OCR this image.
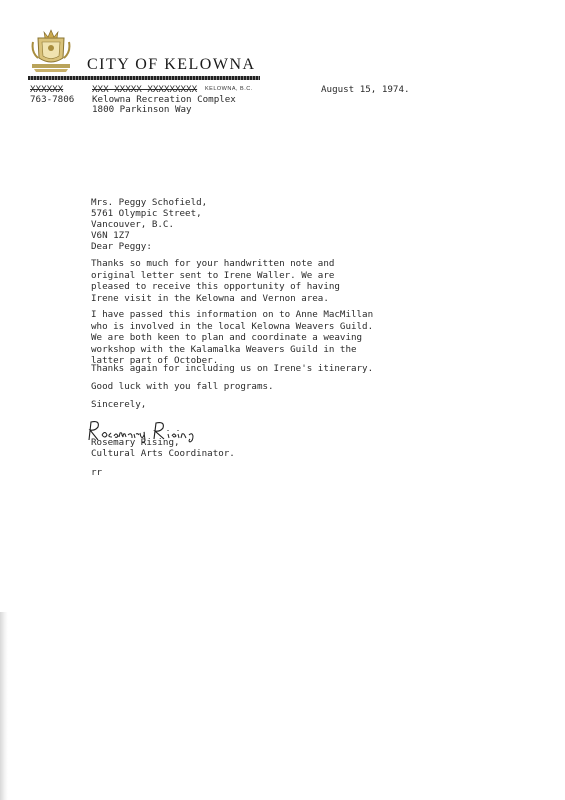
CITY OF KELOWNA
XXXXXX	XXX XXXXX XXXXXXXXX KELOWNA, B.C.
763-7806 Kelowna Recreation Complex
1800 Parkinson Way
August 15, 1974.
Mrs. Peggy Schofield,
5761 Olympic Street,
Vancouver, B.C.
V6N 1Z7
Dear Peggy:
Thanks so much for your handwritten note and
original letter sent to Irene Waller. We are
pleased to receive this opportunity of having
Irene visit in the Kelowna and Vernon area.
I have passed this information on to Anne MacMillan
who is involved in the local Kelowna Weavers Guild.
We are both keen to plan and coordinate a weaving
workshop with the Kalamalka Weavers Guild in the
latter part of October.
Thanks again for including us on Irene's itinerary.
Good luck with you fall programs.
Sincerely,
Rosemary Rising,
Cultural Arts Coordinator.
rr
